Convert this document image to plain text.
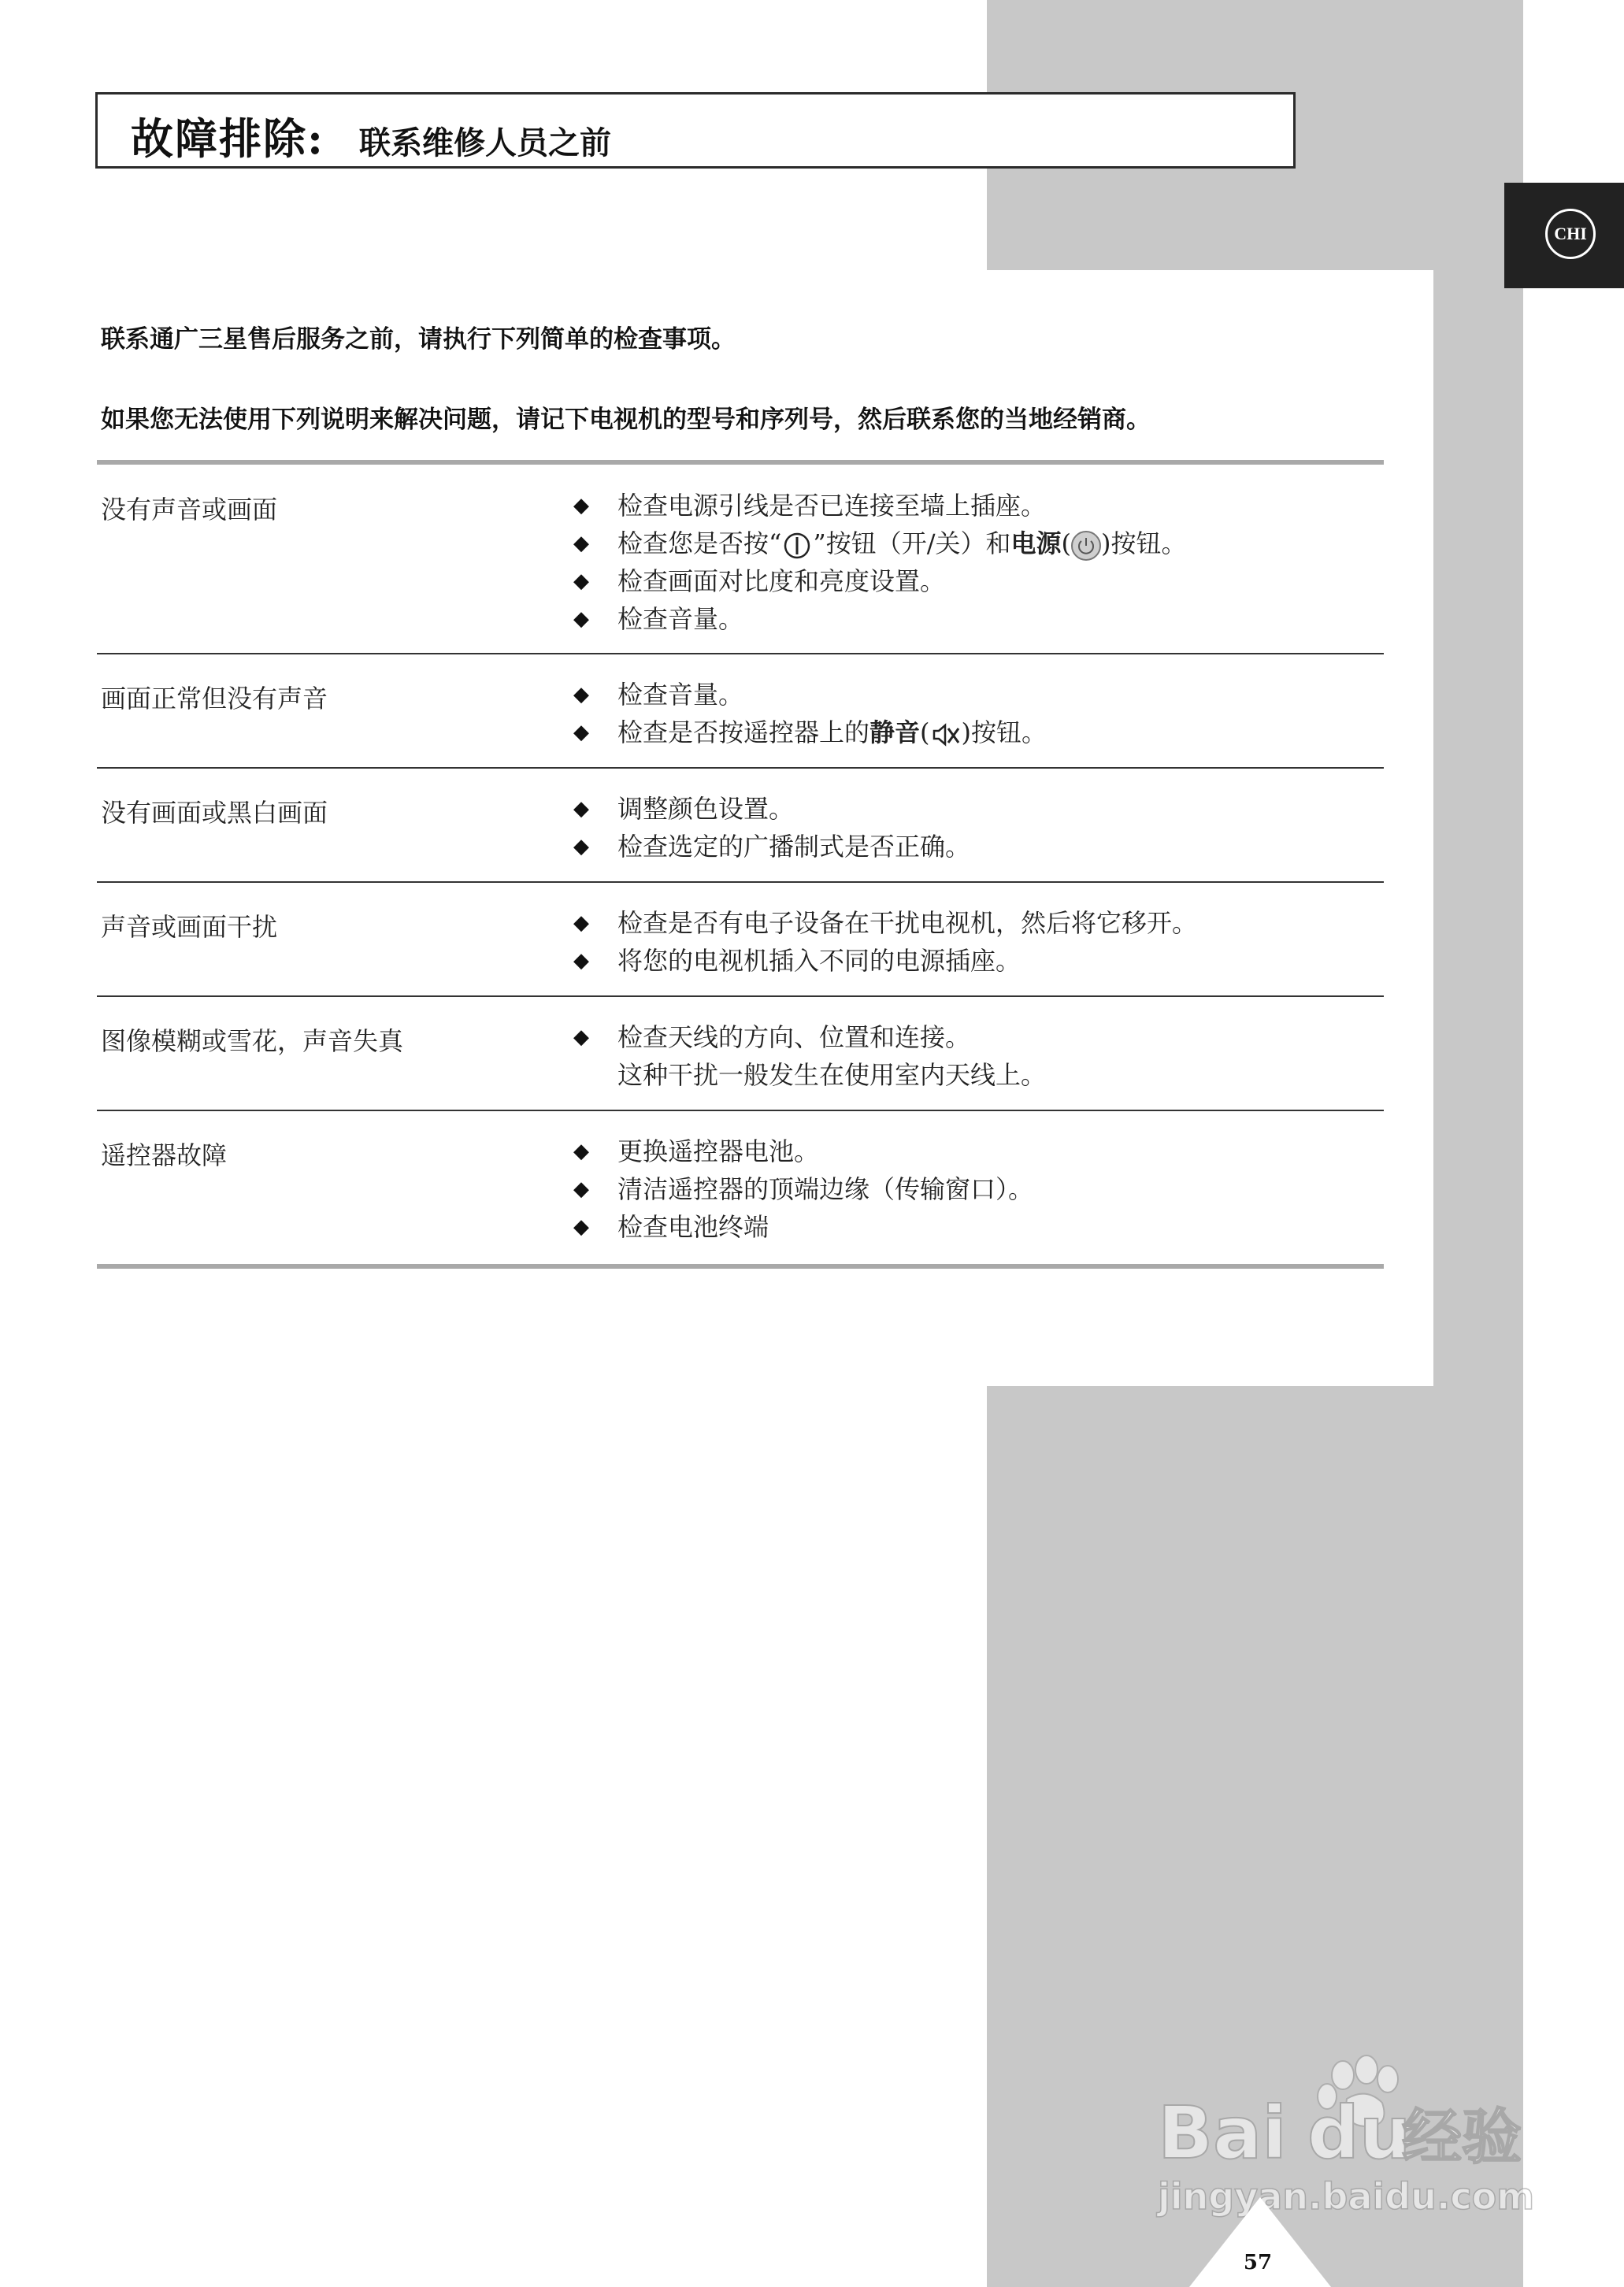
故障排除: 联系维修人员之前
CHI
联系通广三星售后服务之前，请执行下列简单的检查事项。
如果您无法使用下列说明来解决问题，请记下电视机的型号和序列号，然后联系您的当地经销商。
没有声音或画面	◆ 检查电源引线是否已连接至墙上插座。
◆ 检查您是否按“ ”按钮（开/关）和电源( )按钮。
◆ 检查画面对比度和亮度设置。
◆ 检查音量。
画面正常但没有声音	◆ 检查音量。
◆ 检查是否按遥控器上的静音( )按钮。
没有画面或黑白画面	◆ 调整颜色设置。
◆ 检查选定的广播制式是否正确。
声音或画面干扰	◆ 检查是否有电子设备在干扰电视机，然后将它移开。
◆ 将您的电视机插入不同的电源插座。
图像模糊或雪花，声音失真	◆ 检查天线的方向、位置和连接。
这种干扰一般发生在使用室内天线上。
遥控器故障	◆ 更换遥控器电池。
◆ 清洁遥控器的顶端边缘（传输窗口）。
◆ 检查电池终端
Bai du
经验
jingyan.baidu.com
57
